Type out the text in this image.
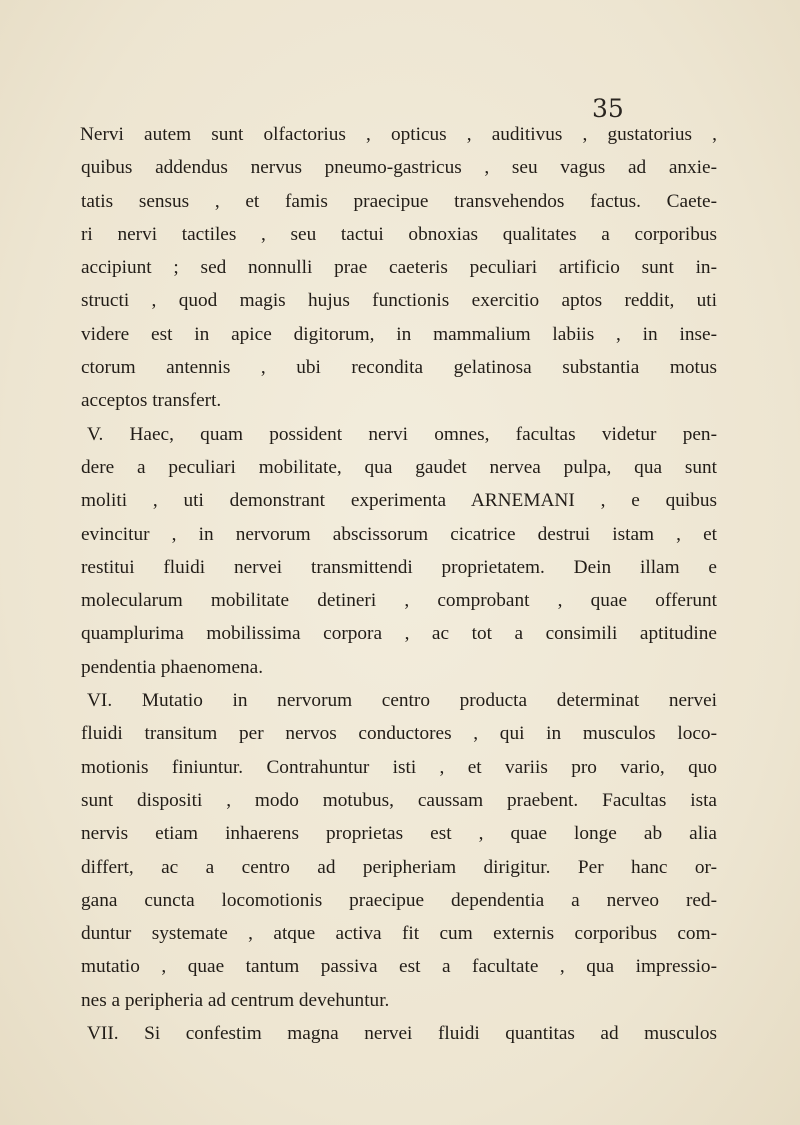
35
Nervi autem sunt olfactorius , opticus , auditivus , gustatorius ,
quibus addendus nervus pneumo-gastricus , seu vagus ad anxie-
tatis sensus , et famis praecipue transvehendos factus. Caete-
ri nervi tactiles , seu tactui obnoxias qualitates a corporibus
accipiunt ; sed nonnulli prae caeteris peculiari artificio sunt in-
structi , quod magis hujus functionis exercitio aptos reddit, uti
videre est in apice digitorum, in mammalium labiis , in inse-
ctorum antennis , ubi recondita gelatinosa substantia motus
acceptos transfert.
V. Haec, quam possident nervi omnes, facultas videtur pen-
dere a peculiari mobilitate, qua gaudet nervea pulpa, qua sunt
moliti , uti demonstrant experimenta ARNEMANI , e quibus
evincitur , in nervorum abscissorum cicatrice destrui istam , et
restitui fluidi nervei transmittendi proprietatem. Dein illam e
molecularum mobilitate detineri , comprobant , quae offerunt
quamplurima mobilissima corpora , ac tot a consimili aptitudine
pendentia phaenomena.
VI. Mutatio in nervorum centro producta determinat nervei
fluidi transitum per nervos conductores , qui in musculos loco-
motionis finiuntur. Contrahuntur isti , et variis pro vario, quo
sunt dispositi , modo motubus, caussam praebent. Facultas ista
nervis etiam inhaerens proprietas est , quae longe ab alia
differt, ac a centro ad peripheriam dirigitur. Per hanc or-
gana cuncta locomotionis praecipue dependentia a nerveo red-
duntur systemate , atque activa fit cum externis corporibus com-
mutatio , quae tantum passiva est a facultate , qua impressio-
nes a peripheria ad centrum devehuntur.
VII. Si confestim magna nervei fluidi quantitas ad musculos
